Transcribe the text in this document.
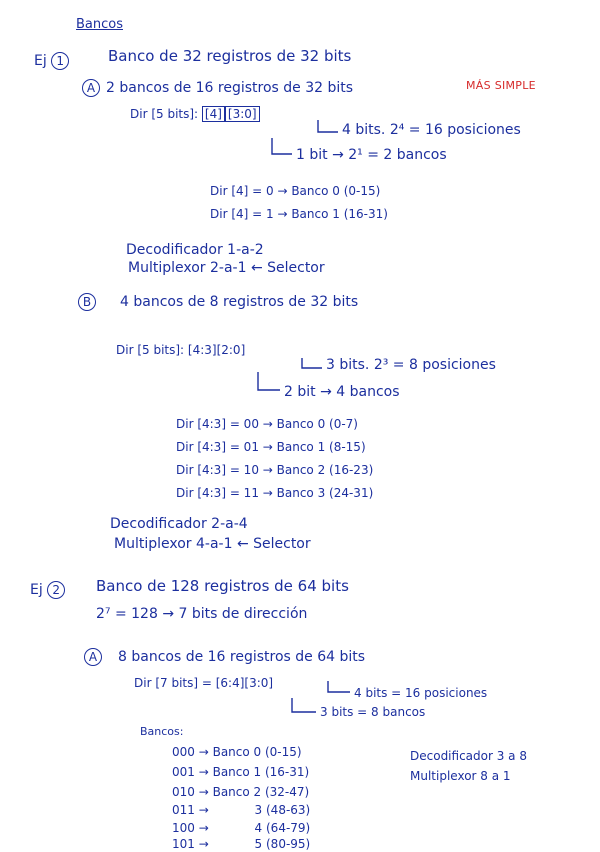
Bancos
Ej 1	Banco de 32 registros de 32 bits
A 2 bancos de 16 registros de 32 bits	MÁS SIMPLE
Dir [5 bits]: [4] [3:0]
4 bits. 2⁴ = 16 posiciones
1 bit → 2¹ = 2 bancos
Dir [4] = 0 → Banco 0 (0-15)
Dir [4] = 1 → Banco 1 (16-31)
Decodificador 1-a-2
Multiplexor 2-a-1 ← Selector
B 4 bancos de 8 registros de 32 bits
Dir [5 bits]: [4:3][2:0]
3 bits. 2³ = 8 posiciones
2 bit → 4 bancos
Dir [4:3] = 00 → Banco 0 (0-7)
Dir [4:3] = 01 → Banco 1 (8-15)
Dir [4:3] = 10 → Banco 2 (16-23)
Dir [4:3] = 11 → Banco 3 (24-31)
Decodificador 2-a-4
Multiplexor 4-a-1 ← Selector
Ej 2	Banco de 128 registros de 64 bits
2⁷ = 128 → 7 bits de dirección
A 8 bancos de 16 registros de 64 bits
Dir [7 bits] = [6:4][3:0]
4 bits = 16 posiciones
3 bits = 8 bancos
Bancos:
000 → Banco 0 (0-15)
001 → Banco 1 (16-31)
010 → Banco 2 (32-47)
011 →            3 (48-63)
100 →            4 (64-79)
101 →            5 (80-95)
Decodificador 3 a 8
Multiplexor 8 a 1
